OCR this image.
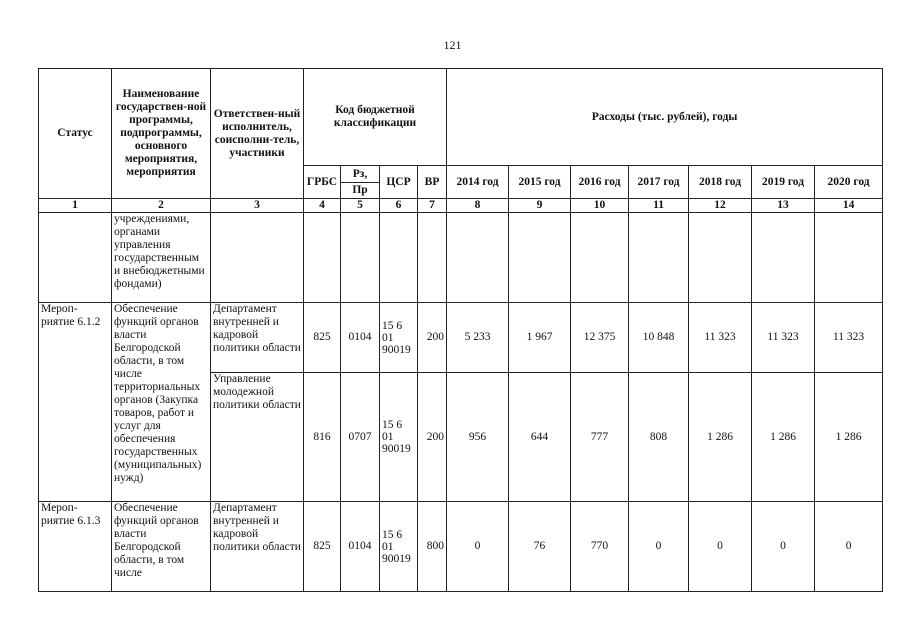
121
Статус	Наименование государствен-ной программы, подпрограммы, основного мероприятия, мероприятия	Ответствен-ный исполнитель, соисполни-тель, участники	Код бюджетной классификации				Расходы (тыс. рублей), годы						
			ГРБС	Рз,	ЦСР	ВР	2014 год	2015 год	2016 год	2017 год	2018 год	2019 год	2020 год
				Пр									
1	2	3	4	5	6	7	8	9	10	11	12	13	14
	учреждениями, органами управления государственным и внебюджетными фондами)												
Мероп-риятие 6.1.2	Обеспечение функций органов власти Белгородской области, в том числе территориальных органов (Закупка товаров, работ и услуг для обеспечения государственных (муниципальных) нужд)	Департамент внутренней и кадровой политики области	825	0104	15 6 01 90019	200	5 233	1 967	12 375	10 848	11 323	11 323	11 323
		Управление молодежной политики области	816	0707	15 6 01 90019	200	956	644	777	808	1 286	1 286	1 286
Мероп-риятие 6.1.3	Обеспечение функций органов власти Белгородской области, в том числе	Департамент внутренней и кадровой политики области	825	0104	15 6 01 90019	800	0	76	770	0	0	0	0
